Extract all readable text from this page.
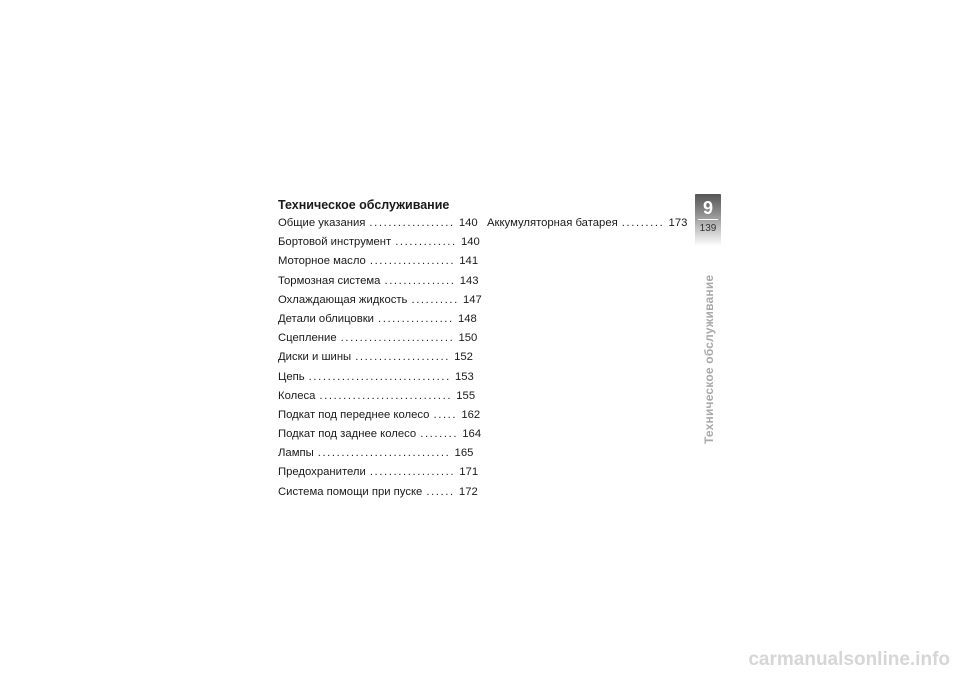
Техническое обслуживание
Общие указания .................. 140
Бортовой инструмент ............. 140
Моторное масло .................. 141
Тормозная система ............... 143
Охлаждающая жидкость .......... 147
Детали облицовки ................ 148
Сцепление ........................ 150
Диски и шины .................... 152
Цепь .............................. 153
Колеса ............................ 155
Подкат под переднее колесо ..... 162
Подкат под заднее колесо ........ 164
Лампы ............................ 165
Предохранители .................. 171
Система помощи при пуске ...... 172
Аккумуляторная батарея ......... 173
9
139
Техническое обслуживание
carmanualsonline.info
